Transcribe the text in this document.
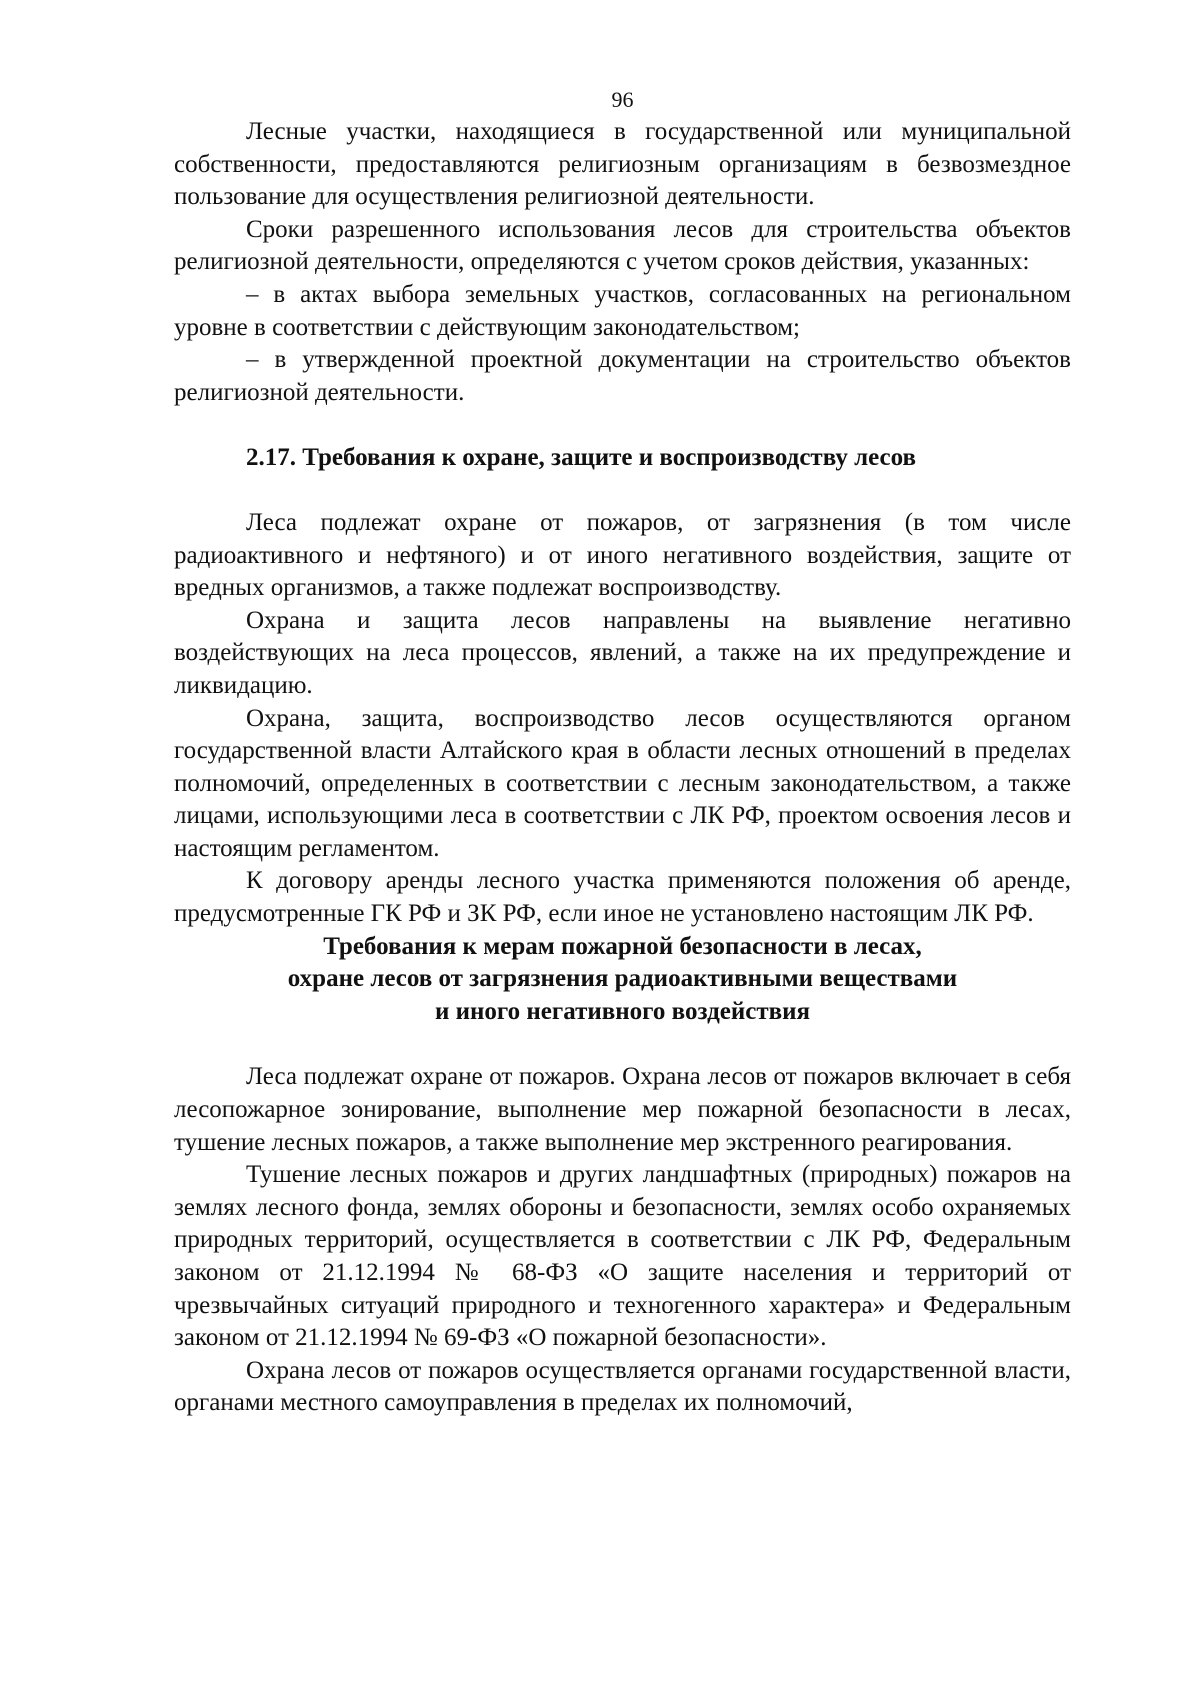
96

Лесные участки, находящиеся в государственной или муниципальной собственности, предоставляются религиозным организациям в безвозмездное пользование для осуществления религиозной деятельности.

Сроки разрешенного использования лесов для строительства объектов религиозной деятельности, определяются с учетом сроков действия, указанных:

– в актах выбора земельных участков, согласованных на региональном уровне в соответствии с действующим законодательством;

– в утвержденной проектной документации на строительство объектов религиозной деятельности.

2.17. Требования к охране, защите и воспроизводству лесов

Леса подлежат охране от пожаров, от загрязнения (в том числе радиоактивного и нефтяного) и от иного негативного воздействия, защите от вредных организмов, а также подлежат воспроизводству.

Охрана и защита лесов направлены на выявление негативно воздействующих на леса процессов, явлений, а также на их предупреждение и ликвидацию.

Охрана, защита, воспроизводство лесов осуществляются органом государственной власти Алтайского края в области лесных отношений в пределах полномочий, определенных в соответствии с лесным законодательством, а также лицами, использующими леса в соответствии с ЛК РФ, проектом освоения лесов и настоящим регламентом.

К договору аренды лесного участка применяются положения об аренде, предусмотренные ГК РФ и ЗК РФ, если иное не установлено настоящим ЛК РФ.

Требования к мерам пожарной безопасности в лесах,
охране лесов от загрязнения радиоактивными веществами
и иного негативного воздействия

Леса подлежат охране от пожаров. Охрана лесов от пожаров включает в себя лесопожарное зонирование, выполнение мер пожарной безопасности в лесах, тушение лесных пожаров, а также выполнение мер экстренного реагирования.

Тушение лесных пожаров и других ландшафтных (природных) пожаров на землях лесного фонда, землях обороны и безопасности, землях особо охраняемых природных территорий, осуществляется в соответствии с ЛК РФ, Федеральным законом от 21.12.1994 № 68-ФЗ «О защите населения и территорий от чрезвычайных ситуаций природного и техногенного характера» и Федеральным законом от 21.12.1994 № 69-ФЗ «О пожарной безопасности».

Охрана лесов от пожаров осуществляется органами государственной власти, органами местного самоуправления в пределах их полномочий,
